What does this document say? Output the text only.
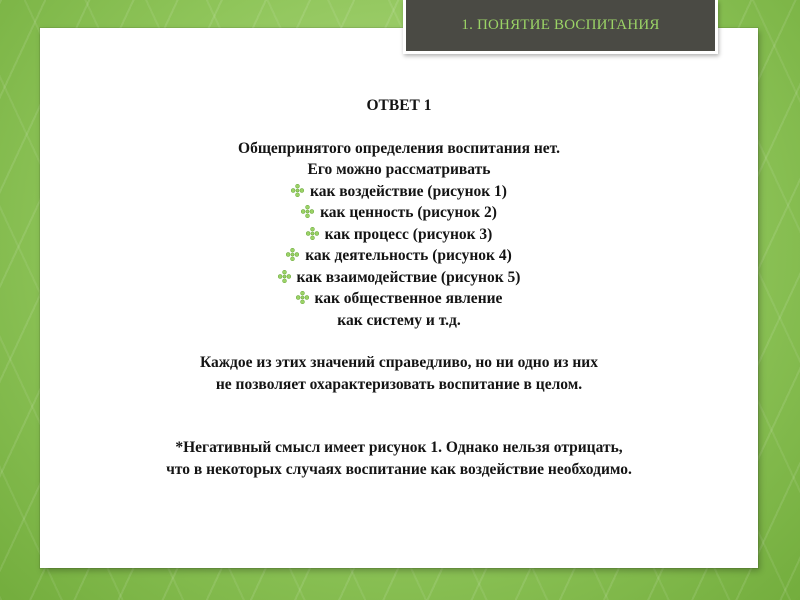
1. ПОНЯТИЕ ВОСПИТАНИЯ
ОТВЕТ 1
Общепринятого определения воспитания нет.
Его можно рассматривать
как воздействие (рисунок 1)
как ценность (рисунок 2)
как процесс (рисунок 3)
как деятельность (рисунок 4)
как взаимодействие (рисунок 5)
как общественное явление
как систему и т.д.
Каждое из этих значений справедливо, но ни одно из них
не позволяет охарактеризовать воспитание в целом.
*Негативный смысл имеет рисунок 1. Однако нельзя отрицать,
что в некоторых случаях воспитание как воздействие необходимо.
